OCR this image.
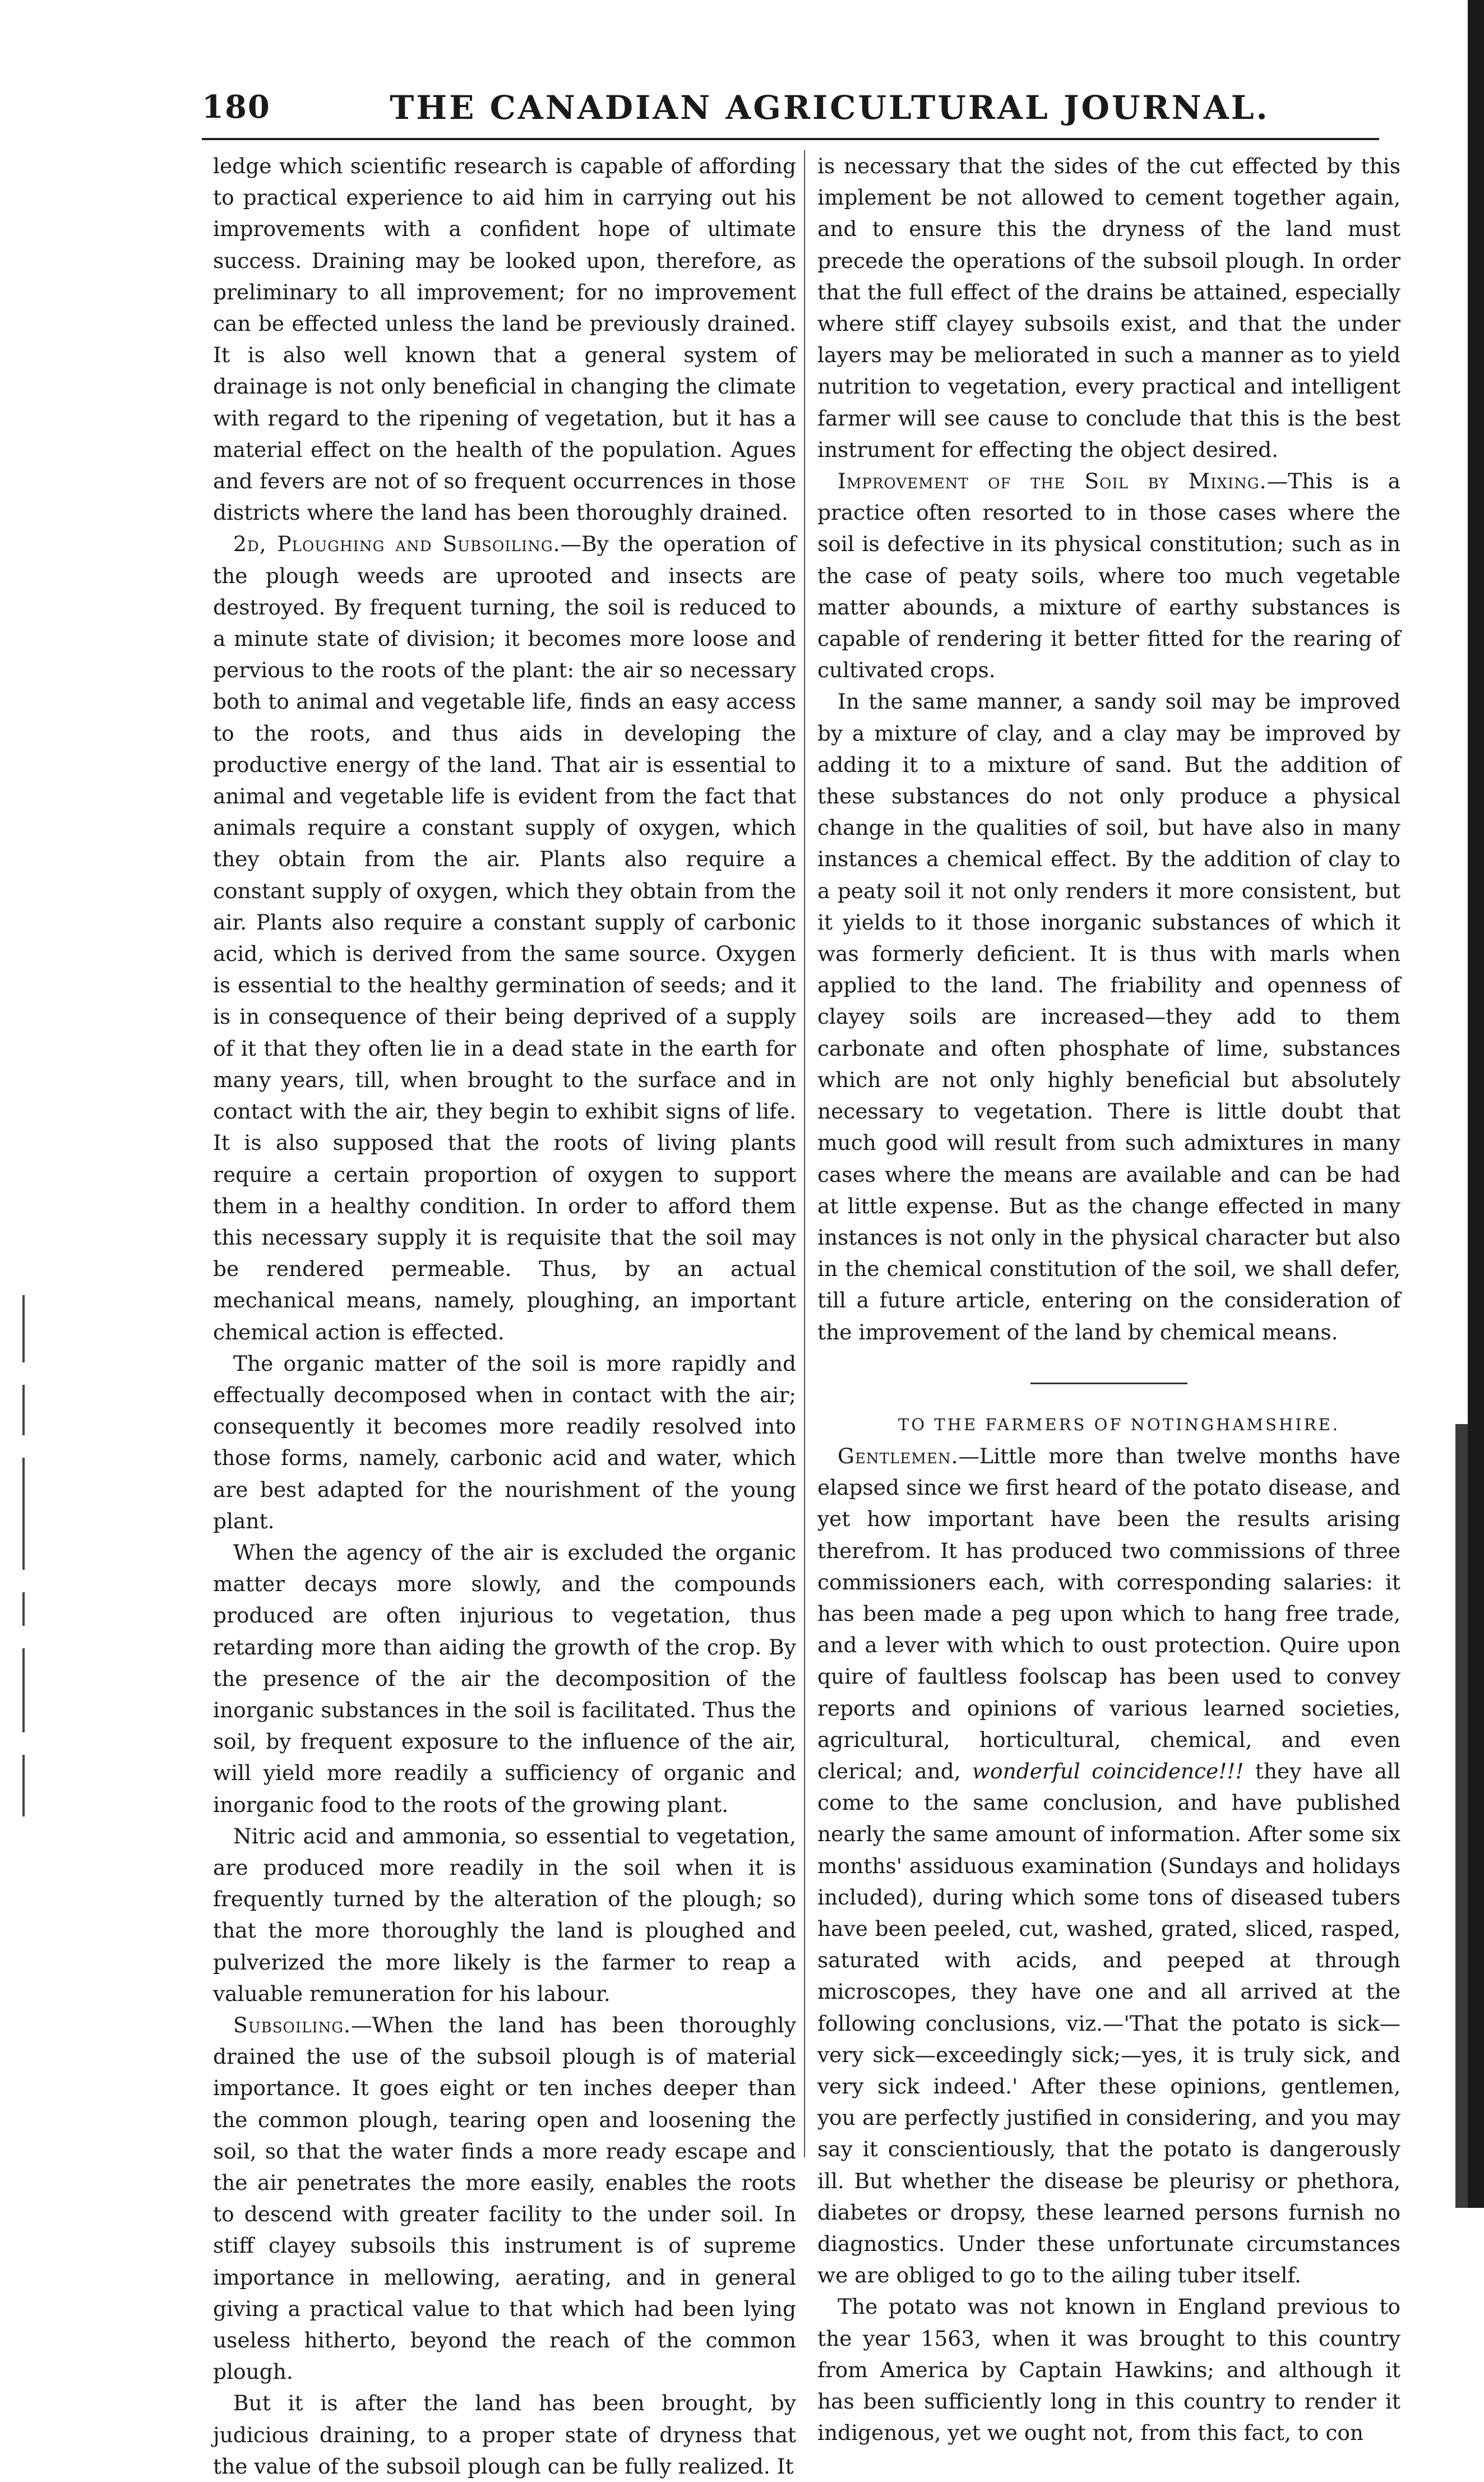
180	THE CANADIAN AGRICULTURAL JOURNAL.

ledge which scientific research is capable of affording to practical experience to aid him in carrying out his improvements with a confident hope of ultimate success. Draining may be looked upon, therefore, as preliminary to all improvement; for no improvement can be effected unless the land be previously drained. It is also well known that a general system of drainage is not only beneficial in changing the climate with regard to the ripening of vegetation, but it has a material effect on the health of the population. Agues and fevers are not of so frequent occurrences in those districts where the land has been thoroughly drained.

2d, Ploughing and Subsoiling.—By the operation of the plough weeds are uprooted and insects are destroyed. By frequent turning, the soil is reduced to a minute state of division; it becomes more loose and pervious to the roots of the plant: the air so necessary both to animal and vegetable life, finds an easy access to the roots, and thus aids in developing the productive energy of the land. That air is essential to animal and vegetable life is evident from the fact that animals require a constant supply of oxygen, which they obtain from the air. Plants also require a constant supply of oxygen, which they obtain from the air. Plants also require a constant supply of carbonic acid, which is derived from the same source. Oxygen is essential to the healthy germination of seeds; and it is in consequence of their being deprived of a supply of it that they often lie in a dead state in the earth for many years, till, when brought to the surface and in contact with the air, they begin to exhibit signs of life. It is also supposed that the roots of living plants require a certain proportion of oxygen to support them in a healthy condition. In order to afford them this necessary supply it is requisite that the soil may be rendered permeable. Thus, by an actual mechanical means, namely, ploughing, an important chemical action is effected.

The organic matter of the soil is more rapidly and effectually decomposed when in contact with the air; consequently it becomes more readily resolved into those forms, namely, carbonic acid and water, which are best adapted for the nourishment of the young plant.

When the agency of the air is excluded the organic matter decays more slowly, and the compounds produced are often injurious to vegetation, thus retarding more than aiding the growth of the crop. By the presence of the air the decomposition of the inorganic substances in the soil is facilitated. Thus the soil, by frequent exposure to the influence of the air, will yield more readily a sufficiency of organic and inorganic food to the roots of the growing plant.

Nitric acid and ammonia, so essential to vegetation, are produced more readily in the soil when it is frequently turned by the alteration of the plough; so that the more thoroughly the land is ploughed and pulverized the more likely is the farmer to reap a valuable remuneration for his labour.

Subsoiling.—When the land has been thoroughly drained the use of the subsoil plough is of material importance. It goes eight or ten inches deeper than the common plough, tearing open and loosening the soil, so that the water finds a more ready escape and the air penetrates the more easily, enables the roots to descend with greater facility to the under soil. In stiff clayey subsoils this instrument is of supreme importance in mellowing, aerating, and in general giving a practical value to that which had been lying useless hitherto, beyond the reach of the common plough.

But it is after the land has been brought, by judicious draining, to a proper state of dryness that the value of the subsoil plough can be fully realized. It

is necessary that the sides of the cut effected by this implement be not allowed to cement together again, and to ensure this the dryness of the land must precede the operations of the subsoil plough. In order that the full effect of the drains be attained, especially where stiff clayey subsoils exist, and that the under layers may be meliorated in such a manner as to yield nutrition to vegetation, every practical and intelligent farmer will see cause to conclude that this is the best instrument for effecting the object desired.

Improvement of the Soil by Mixing.—This is a practice often resorted to in those cases where the soil is defective in its physical constitution; such as in the case of peaty soils, where too much vegetable matter abounds, a mixture of earthy substances is capable of rendering it better fitted for the rearing of cultivated crops.

In the same manner, a sandy soil may be improved by a mixture of clay, and a clay may be improved by adding it to a mixture of sand. But the addition of these substances do not only produce a physical change in the qualities of soil, but have also in many instances a chemical effect. By the addition of clay to a peaty soil it not only renders it more consistent, but it yields to it those inorganic substances of which it was formerly deficient. It is thus with marls when applied to the land. The friability and openness of clayey soils are increased—they add to them carbonate and often phosphate of lime, substances which are not only highly beneficial but absolutely necessary to vegetation. There is little doubt that much good will result from such admixtures in many cases where the means are available and can be had at little expense. But as the change effected in many instances is not only in the physical character but also in the chemical constitution of the soil, we shall defer, till a future article, entering on the consideration of the improvement of the land by chemical means.

TO THE FARMERS OF NOTINGHAMSHIRE.

Gentlemen.—Little more than twelve months have elapsed since we first heard of the potato disease, and yet how important have been the results arising therefrom. It has produced two commissions of three commissioners each, with corresponding salaries: it has been made a peg upon which to hang free trade, and a lever with which to oust protection. Quire upon quire of faultless foolscap has been used to convey reports and opinions of various learned societies, agricultural, horticultural, chemical, and even clerical; and, wonderful coincidence!!! they have all come to the same conclusion, and have published nearly the same amount of information. After some six months' assiduous examination (Sundays and holidays included), during which some tons of diseased tubers have been peeled, cut, washed, grated, sliced, rasped, saturated with acids, and peeped at through microscopes, they have one and all arrived at the following conclusions, viz.—'That the potato is sick—very sick—exceedingly sick;—yes, it is truly sick, and very sick indeed.' After these opinions, gentlemen, you are perfectly justified in considering, and you may say it conscientiously, that the potato is dangerously ill. But whether the disease be pleurisy or phethora, diabetes or dropsy, these learned persons furnish no diagnostics. Under these unfortunate circumstances we are obliged to go to the ailing tuber itself.

The potato was not known in England previous to the year 1563, when it was brought to this country from America by Captain Hawkins; and although it has been sufficiently long in this country to render it indigenous, yet we ought not, from this fact, to con
